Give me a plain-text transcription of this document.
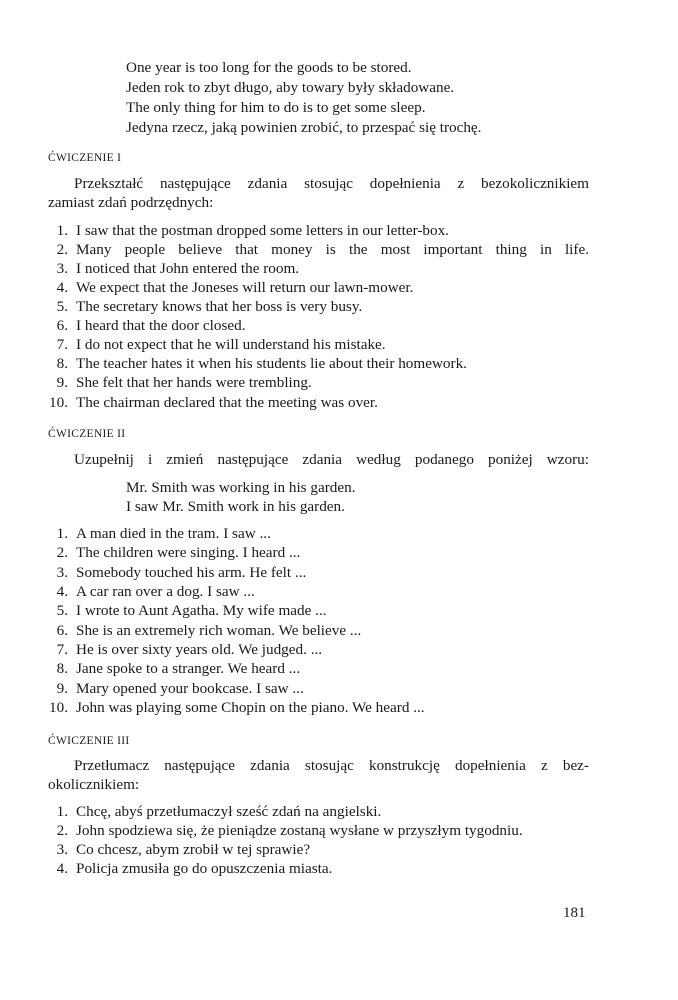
One year is too long for the goods to be stored.
Jeden rok to zbyt długo, aby towary były składowane.
The only thing for him to do is to get some sleep.
Jedyna rzecz, jaką powinien zrobić, to przespać się trochę.
ĆWICZENIE I
Przekształć następujące zdania stosując dopełnienia z bezokolicznikiem
zamiast zdań podrzędnych:
1. I saw that the postman dropped some letters in our letter-box.
2. Many people believe that money is the most important thing in life.
3. I noticed that John entered the room.
4. We expect that the Joneses will return our lawn-mower.
5. The secretary knows that her boss is very busy.
6. I heard that the door closed.
7. I do not expect that he will understand his mistake.
8. The teacher hates it when his students lie about their homework.
9. She felt that her hands were trembling.
10. The chairman declared that the meeting was over.
ĆWICZENIE II
Uzupełnij i zmień następujące zdania według podanego poniżej wzoru:
Mr. Smith was working in his garden.
I saw Mr. Smith work in his garden.
1. A man died in the tram. I saw ...
2. The children were singing. I heard ...
3. Somebody touched his arm. He felt ...
4. A car ran over a dog. I saw ...
5. I wrote to Aunt Agatha. My wife made ...
6. She is an extremely rich woman. We believe ...
7. He is over sixty years old. We judged. ...
8. Jane spoke to a stranger. We heard ...
9. Mary opened your bookcase. I saw ...
10. John was playing some Chopin on the piano. We heard ...
ĆWICZENIE III
Przetłumacz następujące zdania stosując konstrukcję dopełnienia z bez-
okolicznikiem:
1. Chcę, abyś przetłumaczył sześć zdań na angielski.
2. John spodziewa się, że pieniądze zostaną wysłane w przyszłym tygodniu.
3. Co chcesz, abym zrobił w tej sprawie?
4. Policja zmusiła go do opuszczenia miasta.
181
